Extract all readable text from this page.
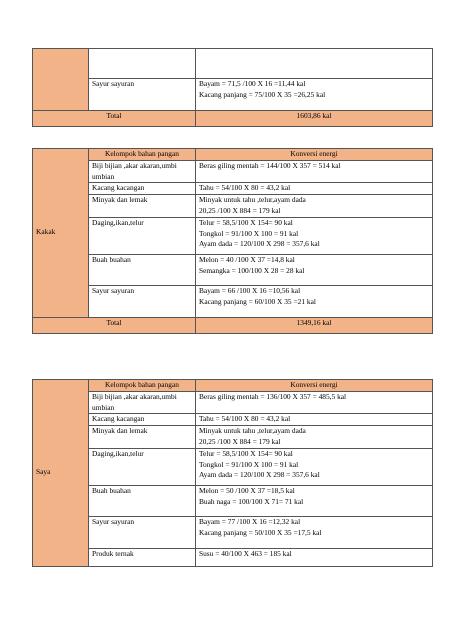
	Sayur sayuran	Bayam = 71,5 /100 X 16 =11,44 kal
Kacang panjang = 75/100 X 35 =26,25 kal

Total		1603,86 kal
Kakak	Kelompok bahan pangan	Konversi energi
	Biji bijian ,akar akaran,umbi umbian	Beras giling mentah = 144/100 X 357 = 514 kal

	Kacang kacangan	Tahu = 54/100 X 80 = 43,2 kal

	Minyak dan lemak	Minyak untuk tahu ,telur,ayam dada
20,25 /100 X 884 = 179 kal

	Daging,ikan,telur	Telur = 58,5/100 X 154= 90 kal
Tongkol = 91/100 X 100 = 91 kal
Ayam dada = 120/100 X 298 = 357,6 kal

	Buah buahan	Melon = 40 /100 X 37 =14,8 kal
Semangka = 100/100 X 28 = 28 kal

	Sayur sayuran	Bayam = 66 /100 X 16 =10,56 kal
Kacang panjang = 60/100 X 35 =21 kal

Total		1349,16 kal
Saya	Kelompok bahan pangan	Konversi energi
	Biji bijian ,akar akaran,umbi umbian	Beras giling mentah = 136/100 X 357 = 485,5 kal

	Kacang kacangan	Tahu = 54/100 X 80 = 43,2 kal

	Minyak dan lemak	Minyak untuk tahu ,telur,ayam dada
20,25 /100 X 884 = 179 kal

	Daging,ikan,telur	Telur = 58,5/100 X 154= 90 kal
Tongkol = 91/100 X 100 = 91 kal
Ayam dada = 120/100 X 298 = 357,6 kal

	Buah buahan	Melon = 50 /100 X 37 =18,5 kal
Buah naga = 100/100 X 71= 71 kal

	Sayur sayuran	Bayam = 77 /100 X 16 =12,32 kal
Kacang panjang = 50/100 X 35 =17,5 kal

	Produk ternak	Susu = 40/100 X 463 = 185 kal
